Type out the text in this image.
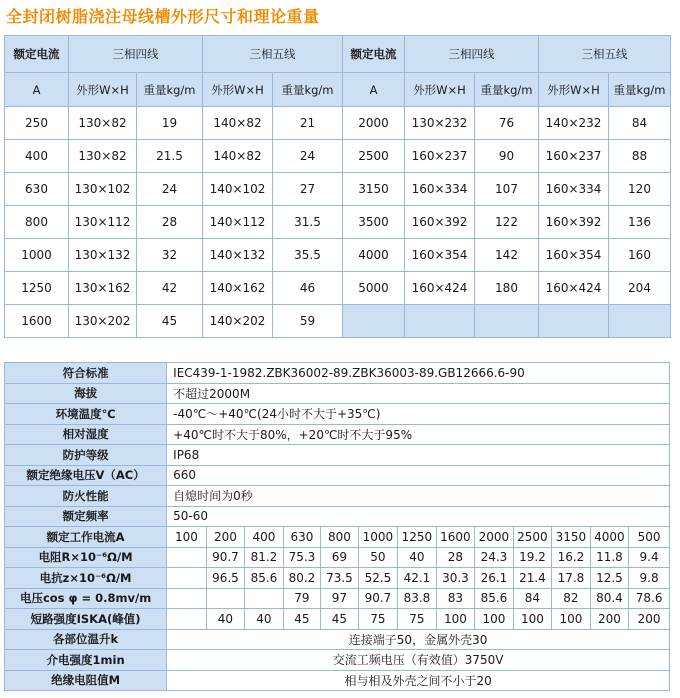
全封闭树脂浇注母线槽外形尺寸和理论重量
额定电流	三相四线		三相五线		额定电流	三相四线		三相五线	
A	外形W×H	重量kg/m	外形W×H	重量kg/m	A	外形W×H	重量kg/m	外形W×H	重量kg/m
250	130×82	19	140×82	21	2000	130×232	76	140×232	84
400	130×82	21.5	140×82	24	2500	160×237	90	160×237	88
630	130×102	24	140×102	27	3150	160×334	107	160×334	120
800	130×112	28	140×112	31.5	3500	160×392	122	160×392	136
1000	130×132	32	140×132	35.5	4000	160×354	142	160×354	160
1250	130×162	42	140×162	46	5000	160×424	180	160×424	204
1600	130×202	45	140×202	59					
符合标准	IEC439-1-1982.ZBK36002-89.ZBK36003-89.GB12666.6-90												
海拔	不超过2000M												
环境温度℃	-40℃～+40℃(24小时不大于+35℃)												
相对湿度	+40℃时不大于80%，+20℃时不大于95%												
防护等级	IP68												
额定绝缘电压V（AC）	660												
防火性能	自熄时间为0秒												
额定频率	50-60												
额定工作电流A	100	200	400	630	800	1000	1250	1600	2000	2500	3150	4000	500
电阻R×10⁻⁶Ω/M		90.7	81.2	75.3	69	50	40	28	24.3	19.2	16.2	11.8	9.4
电抗z×10⁻⁶Ω/M		96.5	85.6	80.2	73.5	52.5	42.1	30.3	26.1	21.4	17.8	12.5	9.8
电压cos φ = 0.8mv/m				79	97	90.7	83.8	83	85.6	84	82	80.4	78.6
短路强度ISKA(峰值)		40	40	45	45	75	75	100	100	100	100	200	200
各部位温升k	连接端子50，金属外壳30												
介电强度1min	交流工频电压（有效值）3750V												
绝缘电阻值M	相与相及外壳之间不小于20												
